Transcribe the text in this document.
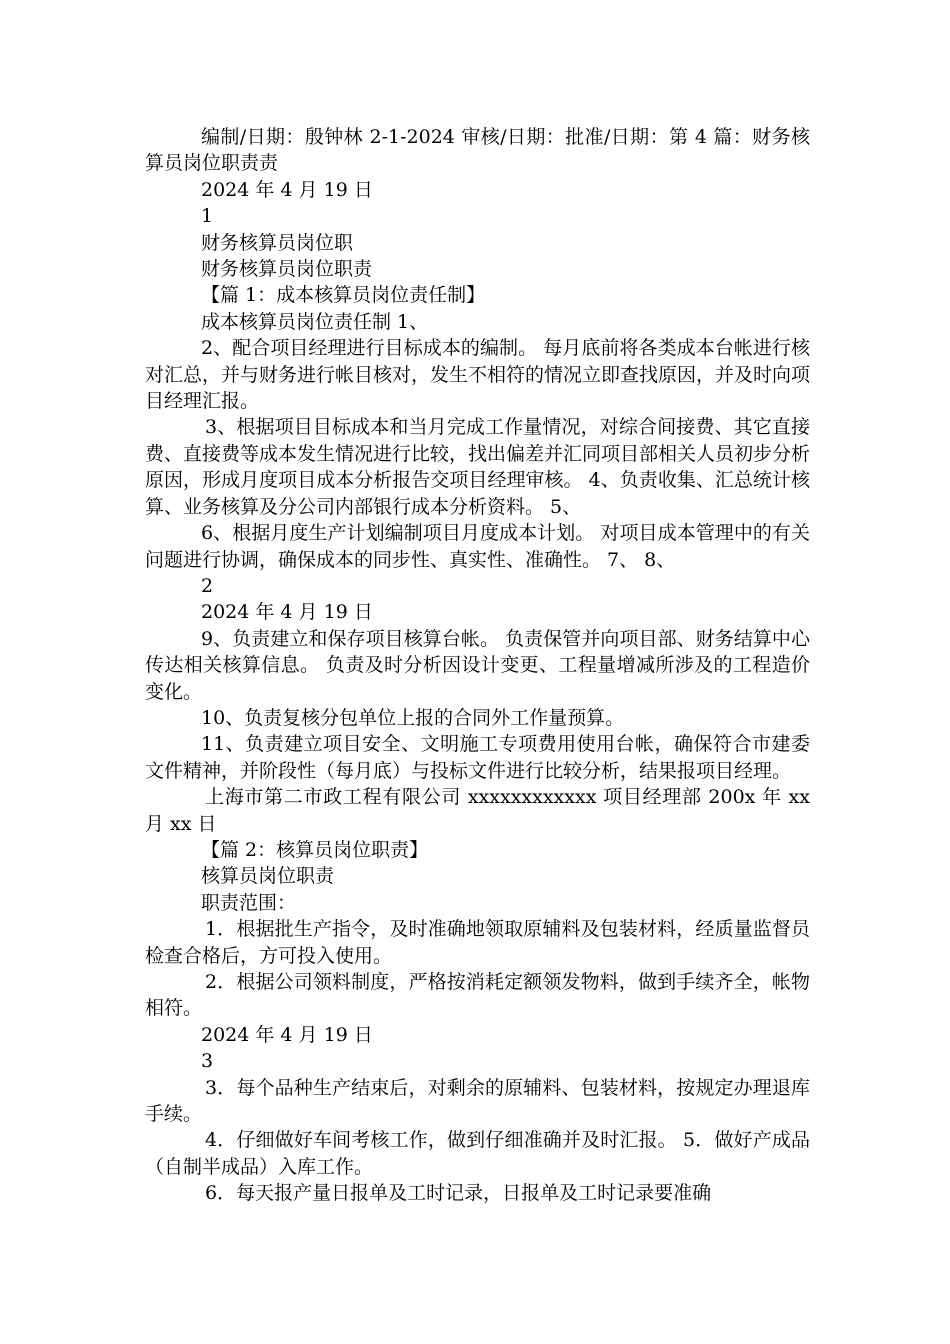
编制/日期：殷钟林 2-1-2024 审核/日期：批准/日期：第 4 篇：财务核算员岗位职责责

2024 年 4 月 19 日

1

财务核算员岗位职

财务核算员岗位职责

【篇 1：成本核算员岗位责任制】

成本核算员岗位责任制 1、

2、配合项目经理进行目标成本的编制。 每月底前将各类成本台帐进行核对汇总，并与财务进行帐目核对，发生不相符的情况立即查找原因，并及时向项目经理汇报。

3、根据项目目标成本和当月完成工作量情况，对综合间接费、其它直接费、直接费等成本发生情况进行比较，找出偏差并汇同项目部相关人员初步分析原因，形成月度项目成本分析报告交项目经理审核。 4、负责收集、汇总统计核算、业务核算及分公司内部银行成本分析资料。 5、

6、根据月度生产计划编制项目月度成本计划。 对项目成本管理中的有关问题进行协调，确保成本的同步性、真实性、准确性。 7、 8、

2

2024 年 4 月 19 日

9、负责建立和保存项目核算台帐。 负责保管并向项目部、财务结算中心传达相关核算信息。 负责及时分析因设计变更、工程量增减所涉及的工程造价变化。

10、负责复核分包单位上报的合同外工作量预算。

11、负责建立项目安全、文明施工专项费用使用台帐，确保符合市建委文件精神，并阶段性（每月底）与投标文件进行比较分析，结果报项目经理。

上海市第二市政工程有限公司 xxxxxxxxxxxx 项目经理部 200x 年 xx 月 xx 日

【篇 2：核算员岗位职责】

核算员岗位职责

职责范围：

1．根据批生产指令，及时准确地领取原辅料及包装材料，经质量监督员检查合格后，方可投入使用。

2．根据公司领料制度，严格按消耗定额领发物料，做到手续齐全，帐物相符。

2024 年 4 月 19 日

3

3．每个品种生产结束后，对剩余的原辅料、包装材料，按规定办理退库手续。

4．仔细做好车间考核工作，做到仔细准确并及时汇报。 5．做好产成品（自制半成品）入库工作。

6．每天报产量日报单及工时记录，日报单及工时记录要准确
